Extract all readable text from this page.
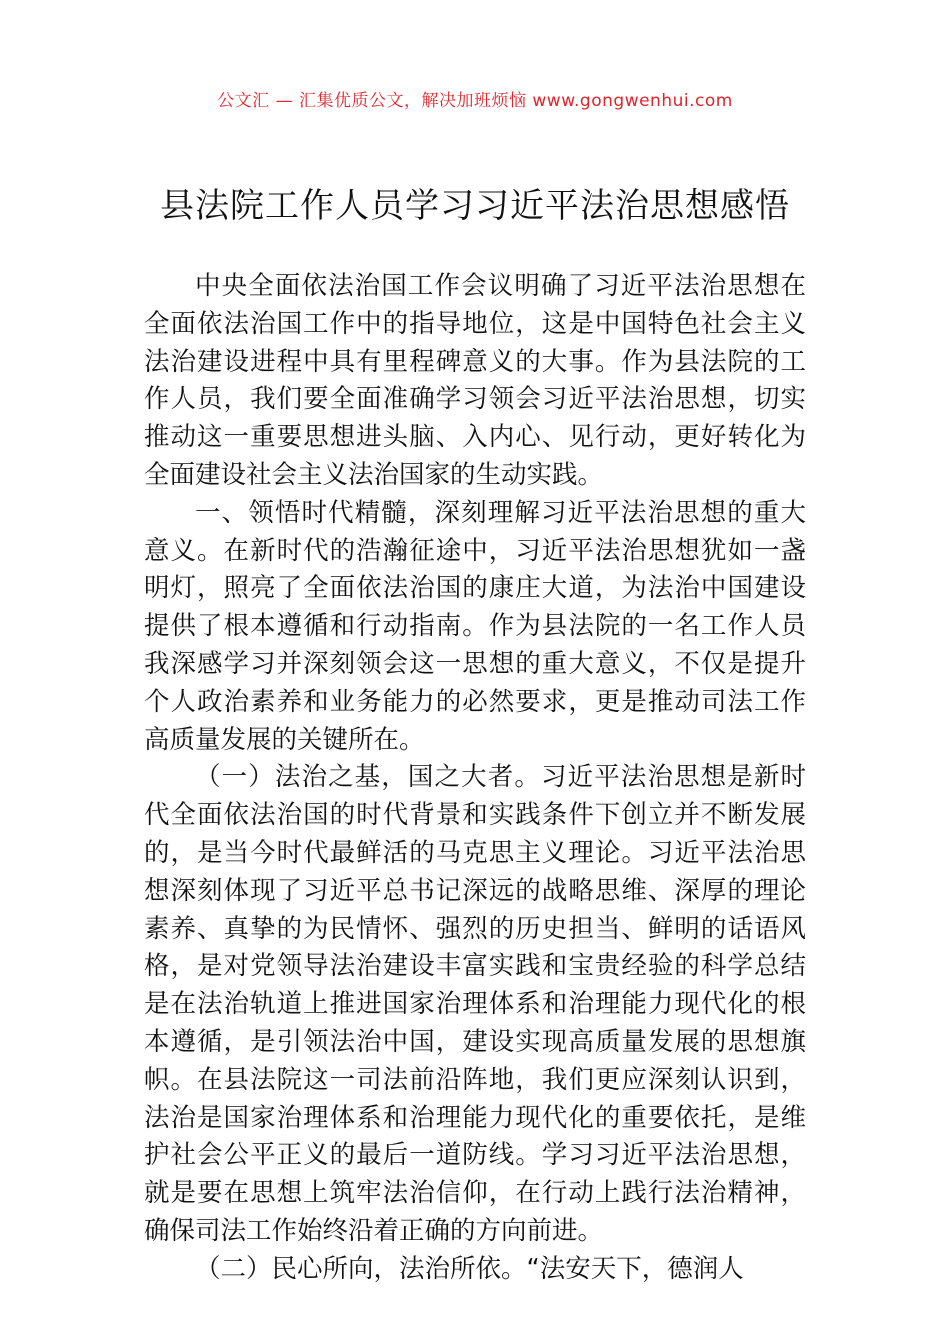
公文汇 — 汇集优质公文，解决加班烦恼 www.gongwenhui.com
县法院工作人员学习习近平法治思想感悟

中央全面依法治国工作会议明确了习近平法治思想在全面依法治国工作中的指导地位，这是中国特色社会主义法治建设进程中具有里程碑意义的大事。作为县法院的工作人员，我们要全面准确学习领会习近平法治思想，切实推动这一重要思想进头脑、入内心、见行动，更好转化为全面建设社会主义法治国家的生动实践。

一、领悟时代精髓，深刻理解习近平法治思想的重大意义。在新时代的浩瀚征途中，习近平法治思想犹如一盏明灯，照亮了全面依法治国的康庄大道，为法治中国建设提供了根本遵循和行动指南。作为县法院的一名工作人员我深感学习并深刻领会这一思想的重大意义，不仅是提升个人政治素养和业务能力的必然要求，更是推动司法工作高质量发展的关键所在。

（一）法治之基，国之大者。习近平法治思想是新时代全面依法治国的时代背景和实践条件下创立并不断发展的，是当今时代最鲜活的马克思主义理论。习近平法治思想深刻体现了习近平总书记深远的战略思维、深厚的理论素养、真挚的为民情怀、强烈的历史担当、鲜明的话语风格，是对党领导法治建设丰富实践和宝贵经验的科学总结是在法治轨道上推进国家治理体系和治理能力现代化的根本遵循，是引领法治中国，建设实现高质量发展的思想旗帜。在县法院这一司法前沿阵地，我们更应深刻认识到，法治是国家治理体系和治理能力现代化的重要依托，是维护社会公平正义的最后一道防线。学习习近平法治思想，就是要在思想上筑牢法治信仰，在行动上践行法治精神，确保司法工作始终沿着正确的方向前进。

（二）民心所向，法治所依。“法安天下，德润人
